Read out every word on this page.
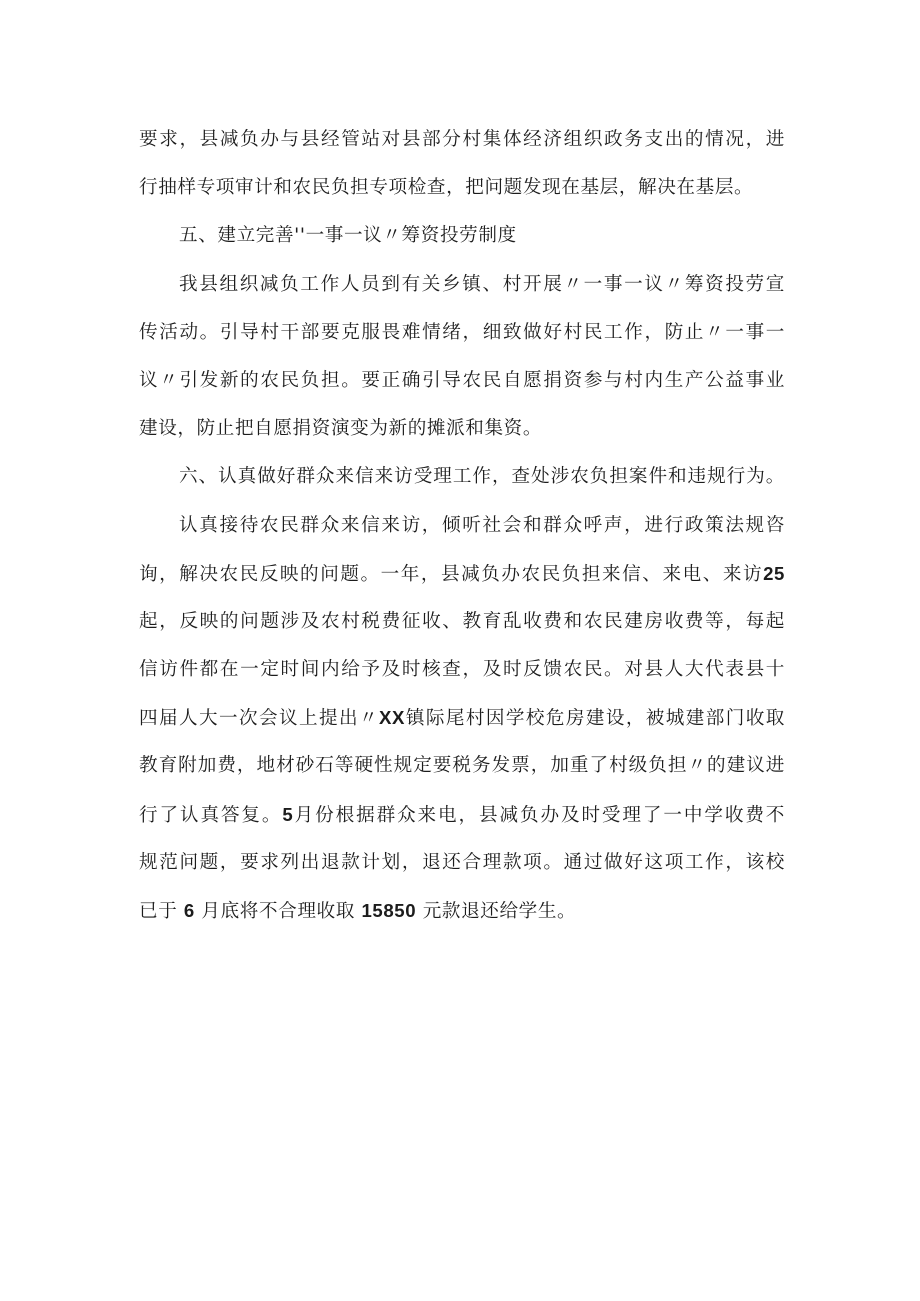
要求，县减负办与县经管站对县部分村集体经济组织政务支出的情况，进
行抽样专项审计和农民负担专项检查，把问题发现在基层，解决在基层。
五、建立完善''一事一议〃筹资投劳制度
我县组织减负工作人员到有关乡镇、村开展〃一事一议〃筹资投劳宣
传活动。引导村干部要克服畏难情绪，细致做好村民工作，防止〃一事一
议〃引发新的农民负担。要正确引导农民自愿捐资参与村内生产公益事业
建设，防止把自愿捐资演变为新的摊派和集资。
六、认真做好群众来信来访受理工作，查处涉农负担案件和违规行为。
认真接待农民群众来信来访，倾听社会和群众呼声，进行政策法规咨
询，解决农民反映的问题。一年，县减负办农民负担来信、来电、来访25
起，反映的问题涉及农村税费征收、教育乱收费和农民建房收费等，每起
信访件都在一定时间内给予及时核查，及时反馈农民。对县人大代表县十
四届人大一次会议上提出〃XX镇际尾村因学校危房建设，被城建部门收取
教育附加费，地材砂石等硬性规定要税务发票，加重了村级负担〃的建议进
行了认真答复。5月份根据群众来电，县减负办及时受理了一中学收费不
规范问题，要求列出退款计划，退还合理款项。通过做好这项工作，该校
已于 6 月底将不合理收取 15850 元款退还给学生。
